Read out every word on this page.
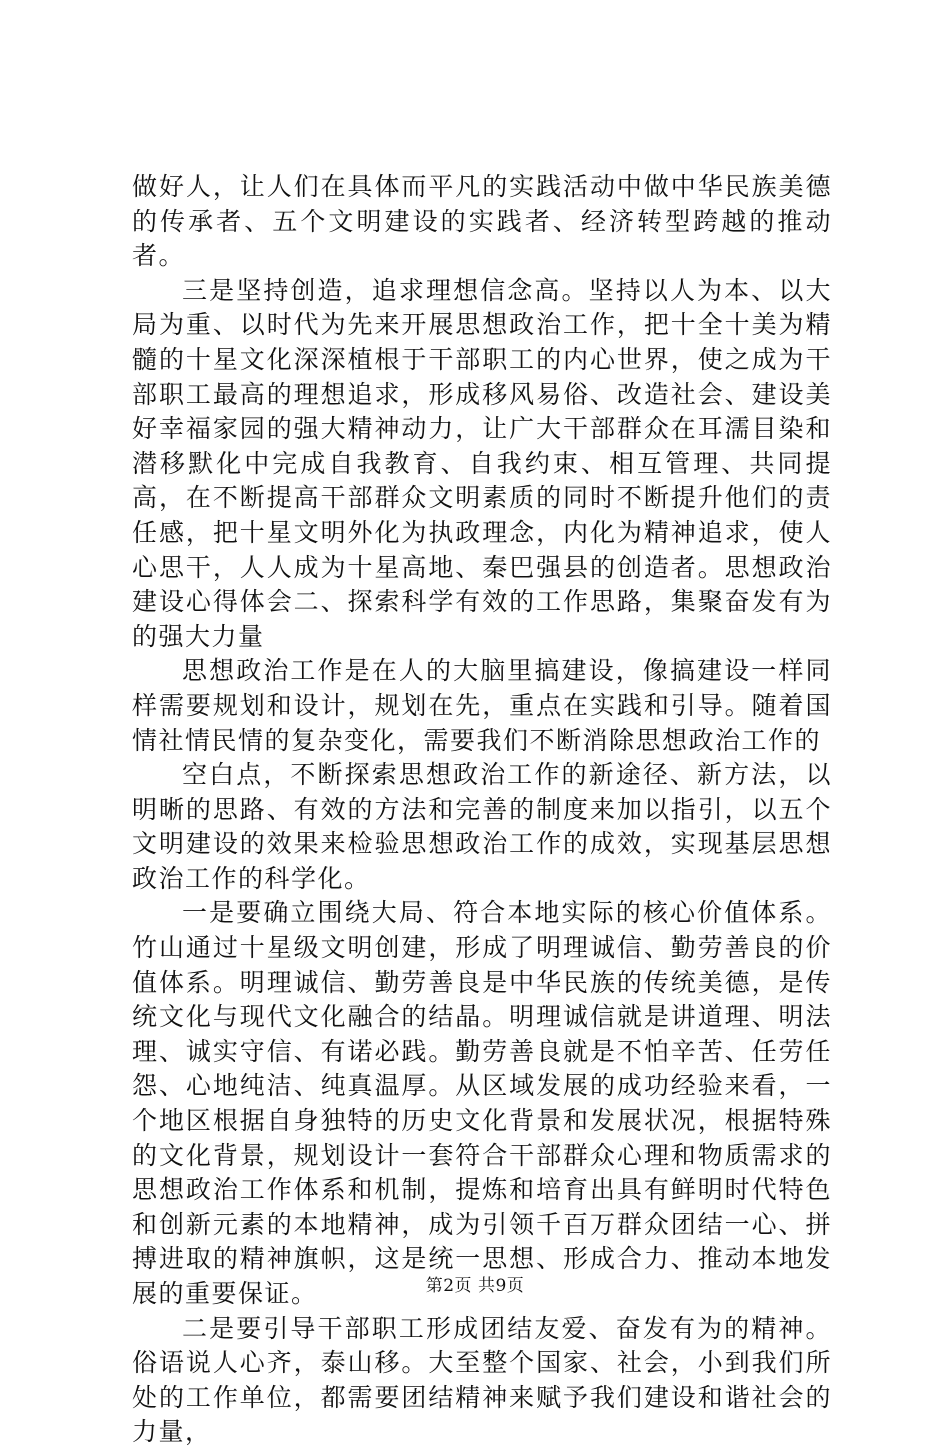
做好人，让人们在具体而平凡的实践活动中做中华民族美德的传承者、五个文明建设的实践者、经济转型跨越的推动者。

三是坚持创造，追求理想信念高。坚持以人为本、以大局为重、以时代为先来开展思想政治工作，把十全十美为精髓的十星文化深深植根于干部职工的内心世界，使之成为干部职工最高的理想追求，形成移风易俗、改造社会、建设美好幸福家园的强大精神动力，让广大干部群众在耳濡目染和潜移默化中完成自我教育、自我约束、相互管理、共同提高，在不断提高干部群众文明素质的同时不断提升他们的责任感，把十星文明外化为执政理念，内化为精神追求，使人心思干，人人成为十星高地、秦巴强县的创造者。思想政治建设心得体会二、探索科学有效的工作思路，集聚奋发有为的强大力量

思想政治工作是在人的大脑里搞建设，像搞建设一样同样需要规划和设计，规划在先，重点在实践和引导。随着国情社情民情的复杂变化，需要我们不断消除思想政治工作的

空白点，不断探索思想政治工作的新途径、新方法，以明晰的思路、有效的方法和完善的制度来加以指引，以五个文明建设的效果来检验思想政治工作的成效，实现基层思想政治工作的科学化。

一是要确立围绕大局、符合本地实际的核心价值体系。竹山通过十星级文明创建，形成了明理诚信、勤劳善良的价值体系。明理诚信、勤劳善良是中华民族的传统美德，是传统文化与现代文化融合的结晶。明理诚信就是讲道理、明法理、诚实守信、有诺必践。勤劳善良就是不怕辛苦、任劳任怨、心地纯洁、纯真温厚。从区域发展的成功经验来看，一个地区根据自身独特的历史文化背景和发展状况，根据特殊的文化背景，规划设计一套符合干部群众心理和物质需求的思想政治工作体系和机制，提炼和培育出具有鲜明时代特色和创新元素的本地精神，成为引领千百万群众团结一心、拼搏进取的精神旗帜，这是统一思想、形成合力、推动本地发展的重要保证。

二是要引导干部职工形成团结友爱、奋发有为的精神。俗语说人心齐，泰山移。大至整个国家、社会，小到我们所处的工作单位，都需要团结精神来赋予我们建设和谐社会的力量，

第2页 共9页
